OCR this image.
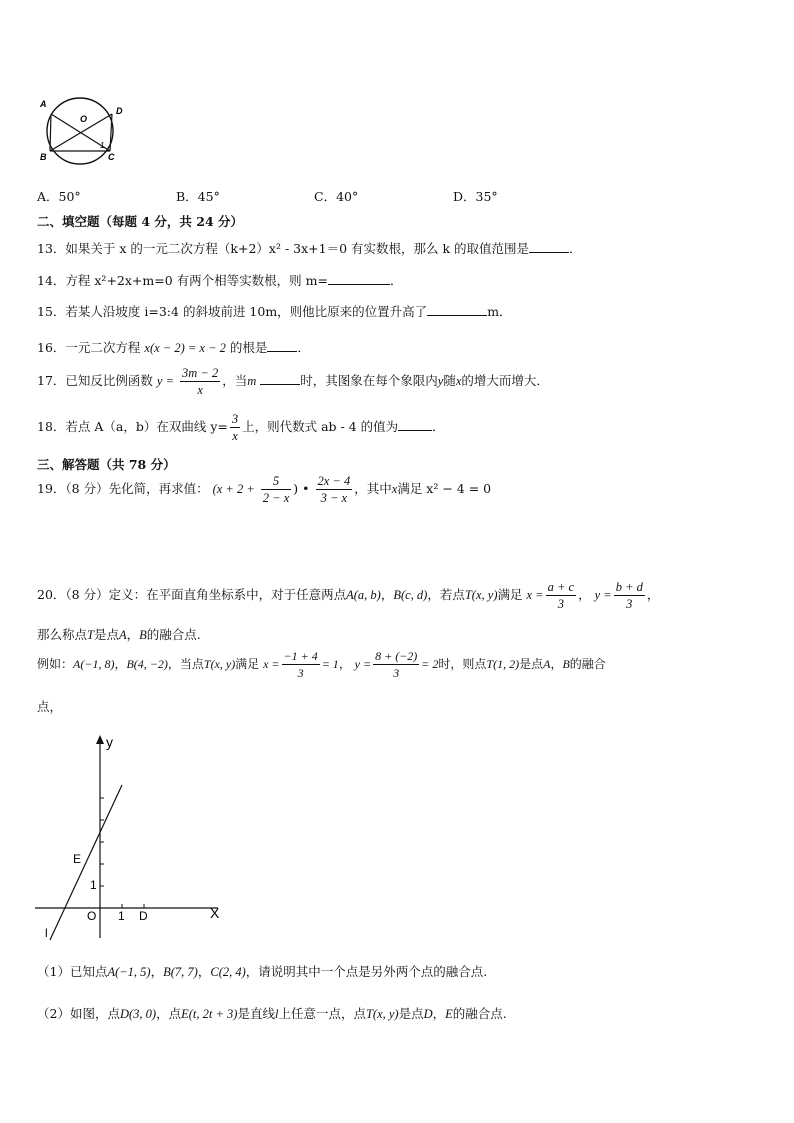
A
D
O
B	C
1
A．50°	B．45°	C．40°	D．35°
二、填空题（每题 4 分，共 24 分）
13．如果关于 x 的一元二次方程（k+2）x² - 3x+1＝0 有实数根，那么 k 的取值范围是	．
14．方程 x²+2x+m=0 有两个相等实数根，则 m=	．
15．若某人沿坡度 i=3:4 的斜坡前进 10m，则他比原来的位置升高了	m．
16．一元二次方程 x(x − 2) = x − 2 的根是 ．
17．已知反比例函数 $y = \frac{3m - 2}{x}$ ，当m	时，其图象在每个象限内y随x的增大而增大．
18．若点 A（a，b）在双曲线 $y= \frac{3}{x}$ 上，则代数式 ab - 4 的值为	．
三、解答题（共 78 分）
19．（8 分）先化简，再求值： ($x + 2 + \frac{5}{2 - x}$ ) • $\frac{2x - 4}{3 - x}$ ，其中x满足 x² − 4 = 0
20．（8 分）定义：在平面直角坐标系中，对于任意两点A(a, b)，B(c, d)，若点T(x, y)满足 $x = \frac{a + c}{3}$ ， $y = \frac{b + d}{3}$ ，
那么称点T是点A，B的融合点.
例如：A(−1, 8)，B(4, −2)，当点T(x, y)满足 $x = \frac{-1 + 4}{3} = 1$， $y = \frac{8 + (-2)}{3} = 2$时，则点T(1, 2)是点A，B的融合
点，
y
X
O 1 D
1
l
E
（1）已知点A(−1, 5)，B(7, 7)，C(2, 4)，请说明其中一个点是另外两个点的融合点.
（2）如图，点D(3, 0)，点E(t, 2t + 3)是直线l上任意一点，点T(x, y)是点D，E的融合点.
